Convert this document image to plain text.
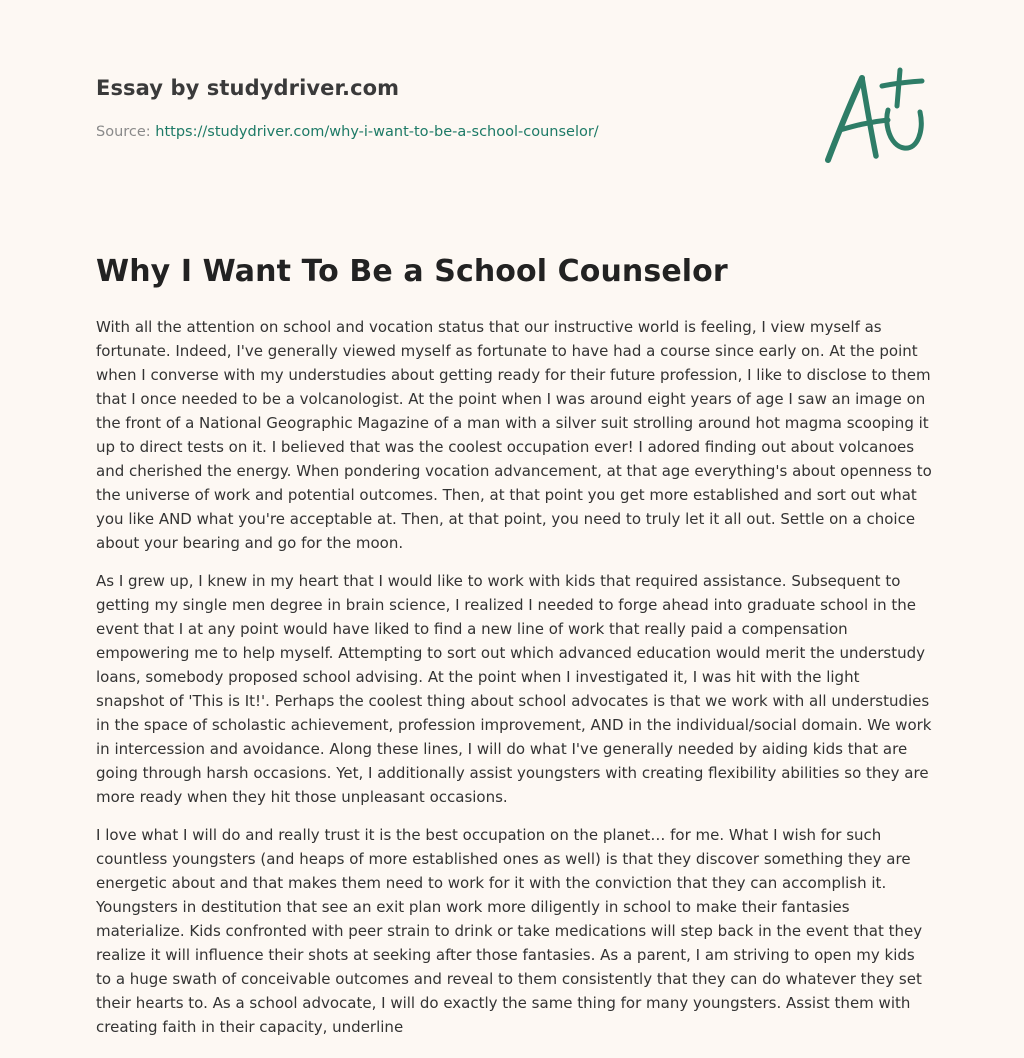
Essay by studydriver.com
Source: https://studydriver.com/why-i-want-to-be-a-school-counselor/
Why I Want To Be a School Counselor

With all the attention on school and vocation status that our instructive world is feeling, I view myself as fortunate. Indeed, I've generally viewed myself as fortunate to have had a course since early on. At the point when I converse with my understudies about getting ready for their future profession, I like to disclose to them that I once needed to be a volcanologist. At the point when I was around eight years of age I saw an image on the front of a National Geographic Magazine of a man with a silver suit strolling around hot magma scooping it up to direct tests on it. I believed that was the coolest occupation ever! I adored finding out about volcanoes and cherished the energy. When pondering vocation advancement, at that age everything's about openness to the universe of work and potential outcomes. Then, at that point you get more established and sort out what you like AND what you're acceptable at. Then, at that point, you need to truly let it all out. Settle on a choice about your bearing and go for the moon.

As I grew up, I knew in my heart that I would like to work with kids that required assistance. Subsequent to getting my single men degree in brain science, I realized I needed to forge ahead into graduate school in the event that I at any point would have liked to find a new line of work that really paid a compensation empowering me to help myself. Attempting to sort out which advanced education would merit the understudy loans, somebody proposed school advising. At the point when I investigated it, I was hit with the light snapshot of 'This is It!'. Perhaps the coolest thing about school advocates is that we work with all understudies in the space of scholastic achievement, profession improvement, AND in the individual/social domain. We work in intercession and avoidance. Along these lines, I will do what I've generally needed by aiding kids that are going through harsh occasions. Yet, I additionally assist youngsters with creating flexibility abilities so they are more ready when they hit those unpleasant occasions.

I love what I will do and really trust it is the best occupation on the planet… for me. What I wish for such countless youngsters (and heaps of more established ones as well) is that they discover something they are energetic about and that makes them need to work for it with the conviction that they can accomplish it. Youngsters in destitution that see an exit plan work more diligently in school to make their fantasies materialize. Kids confronted with peer strain to drink or take medications will step back in the event that they realize it will influence their shots at seeking after those fantasies. As a parent, I am striving to open my kids to a huge swath of conceivable outcomes and reveal to them consistently that they can do whatever they set their hearts to. As a school advocate, I will do exactly the same thing for many youngsters. Assist them with creating faith in their capacity, underline
